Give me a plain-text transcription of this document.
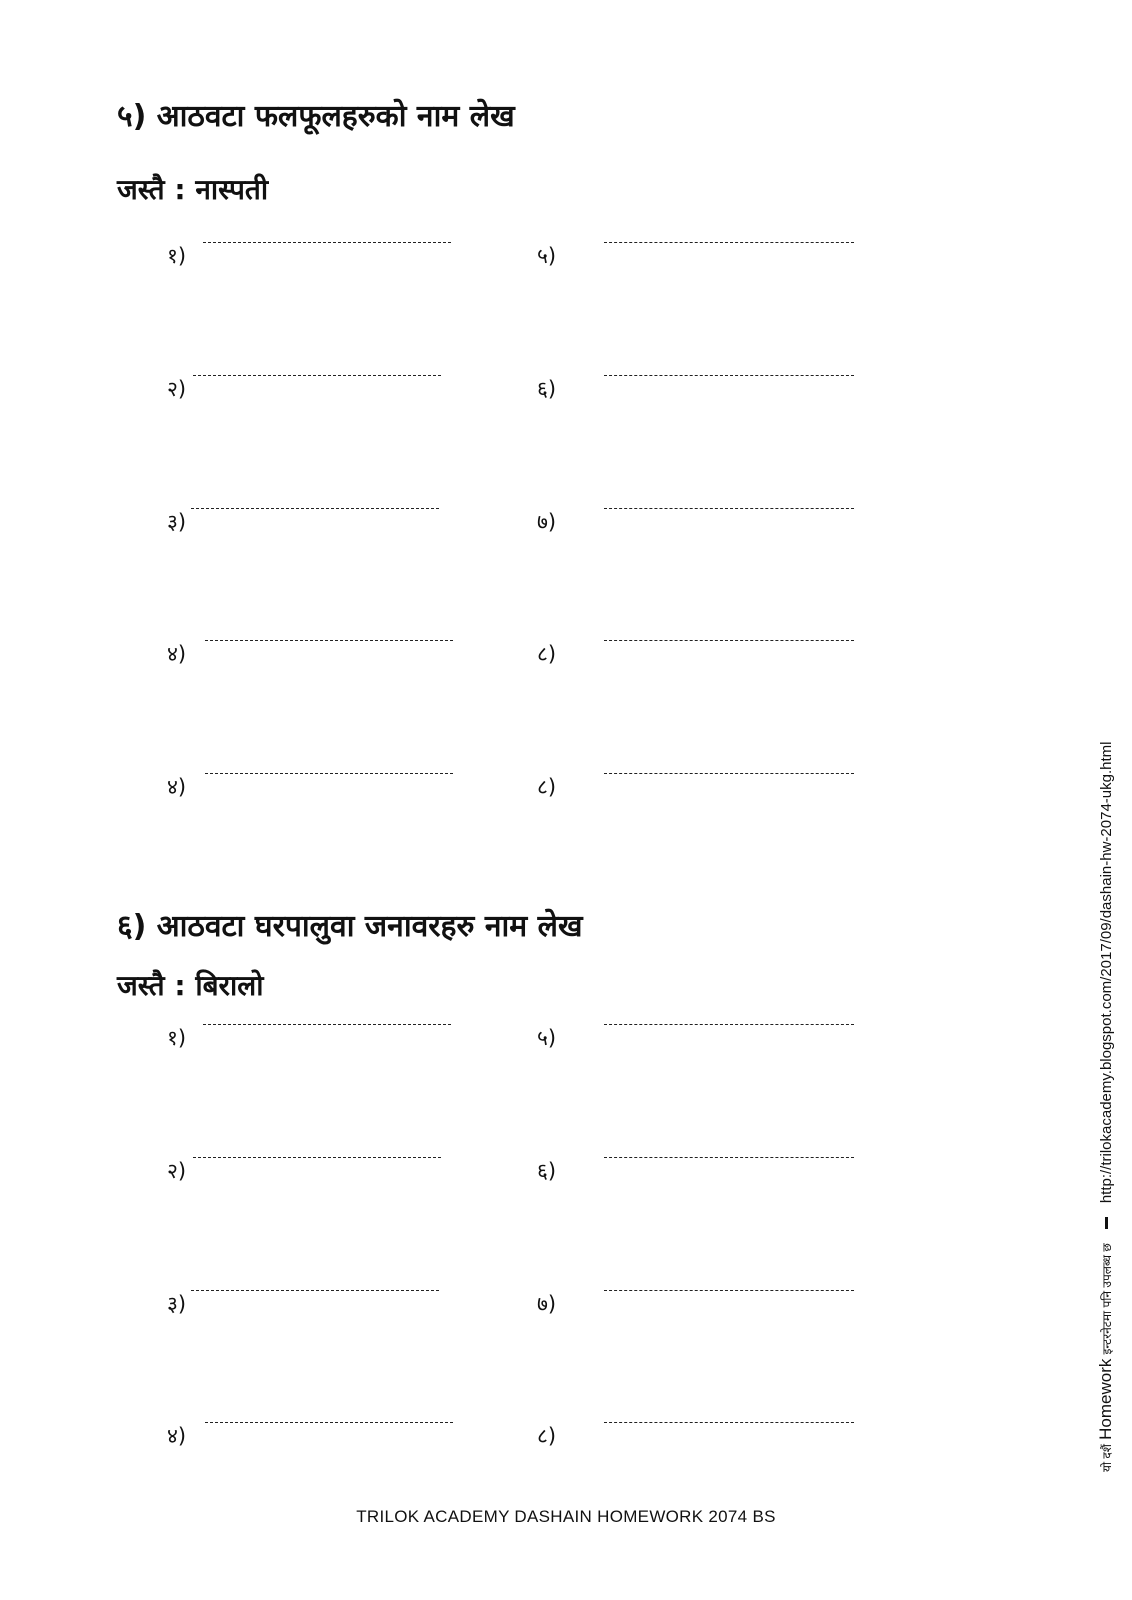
५) आठवटा फलफूलहरुको नाम लेख
जस्तै : नास्पती
१)	५)
२)	६)
३)	७)
४)	८)
४)	८)
६) आठवटा घरपालुवा जनावरहरु नाम लेख
जस्तै : बिरालो
१)	५)
२)	६)
३)	७)
४)	८)
TRILOK ACADEMY DASHAIN HOMEWORK 2074 BS
यो दशैं

Homework

इन्टरनेटमा पनि उपलब्ध छ
http://trilokacademy.blogspot.com/2017/09/dashain-hw-2074-ukg.html
